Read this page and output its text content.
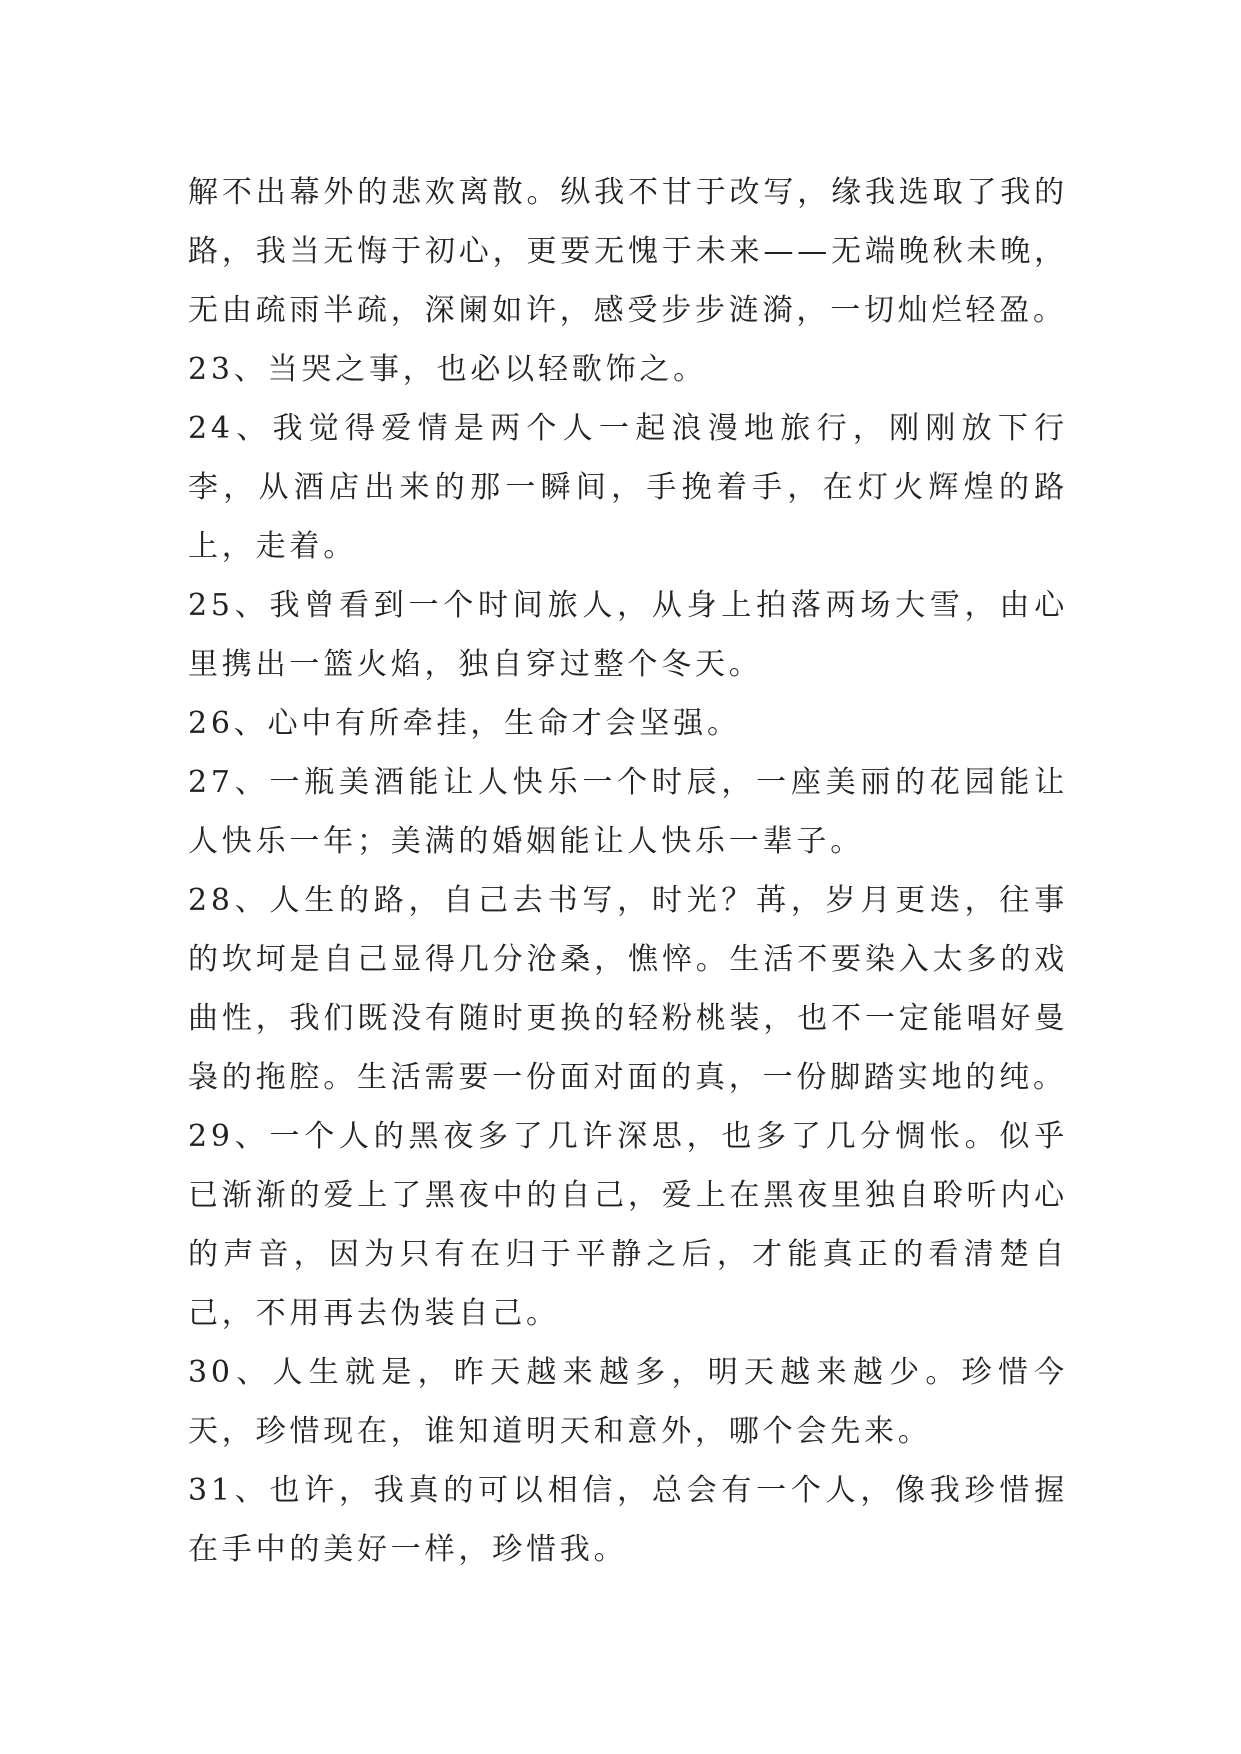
解不出幕外的悲欢离散。纵我不甘于改写，缘我选取了我的路，我当无悔于初心，更要无愧于未来——无端晚秋未晚，无由疏雨半疏，深阑如许，感受步步涟漪，一切灿烂轻盈。

23、当哭之事，也必以轻歌饰之。

24、我觉得爱情是两个人一起浪漫地旅行，刚刚放下行李，从酒店出来的那一瞬间，手挽着手，在灯火辉煌的路上，走着。

25、我曾看到一个时间旅人，从身上拍落两场大雪，由心里携出一篮火焰，独自穿过整个冬天。

26、心中有所牵挂，生命才会坚强。

27、一瓶美酒能让人快乐一个时辰，一座美丽的花园能让人快乐一年；美满的婚姻能让人快乐一辈子。

28、人生的路，自己去书写，时光？苒，岁月更迭，往事的坎坷是自己显得几分沧桑，憔悴。生活不要染入太多的戏曲性，我们既没有随时更换的轻粉桃装，也不一定能唱好曼袅的拖腔。生活需要一份面对面的真，一份脚踏实地的纯。

29、一个人的黑夜多了几许深思，也多了几分惆怅。似乎已渐渐的爱上了黑夜中的自己，爱上在黑夜里独自聆听内心的声音，因为只有在归于平静之后，才能真正的看清楚自己，不用再去伪装自己。

30、人生就是，昨天越来越多，明天越来越少。珍惜今天，珍惜现在，谁知道明天和意外，哪个会先来。

31、也许，我真的可以相信，总会有一个人，像我珍惜握在手中的美好一样，珍惜我。
